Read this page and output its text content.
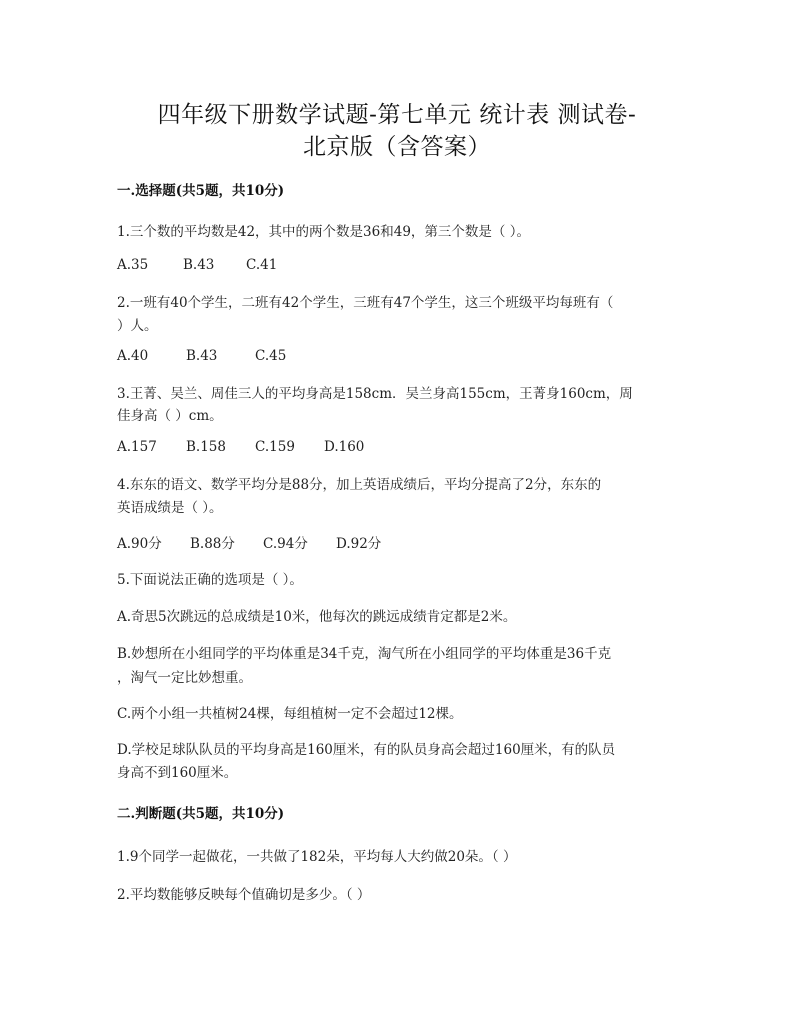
四年级下册数学试题-第七单元 统计表 测试卷-
北京版（含答案）
一.选择题(共5题，共10分)
1.三个数的平均数是42，其中的两个数是36和49，第三个数是（ ）。
A.35	B.43 C.41
2.一班有40个学生，二班有42个学生，三班有47个学生，这三个班级平均每班有（
）人。
A.40	B.43	C.45
3.王菁、吴兰、周佳三人的平均身高是158cm．吴兰身高155cm，王菁身160cm，周
佳身高（ ）cm。
A.157 B.158 C.159 D.160
4.东东的语文、数学平均分是88分，加上英语成绩后，平均分提高了2分，东东的
英语成绩是（ ）。
A.90分 B.88分 C.94分 D.92分
5.下面说法正确的选项是（ ）。
A.奇思5次跳远的总成绩是10米，他每次的跳远成绩肯定都是2米。
B.妙想所在小组同学的平均体重是34千克，淘气所在小组同学的平均体重是36千克
，淘气一定比妙想重。
C.两个小组一共植树24棵，每组植树一定不会超过12棵。
D.学校足球队队员的平均身高是160厘米，有的队员身高会超过160厘米，有的队员
身高不到160厘米。
二.判断题(共5题，共10分)
1.9个同学一起做花，一共做了182朵，平均每人大约做20朵。（ ）
2.平均数能够反映每个值确切是多少。（ ）
